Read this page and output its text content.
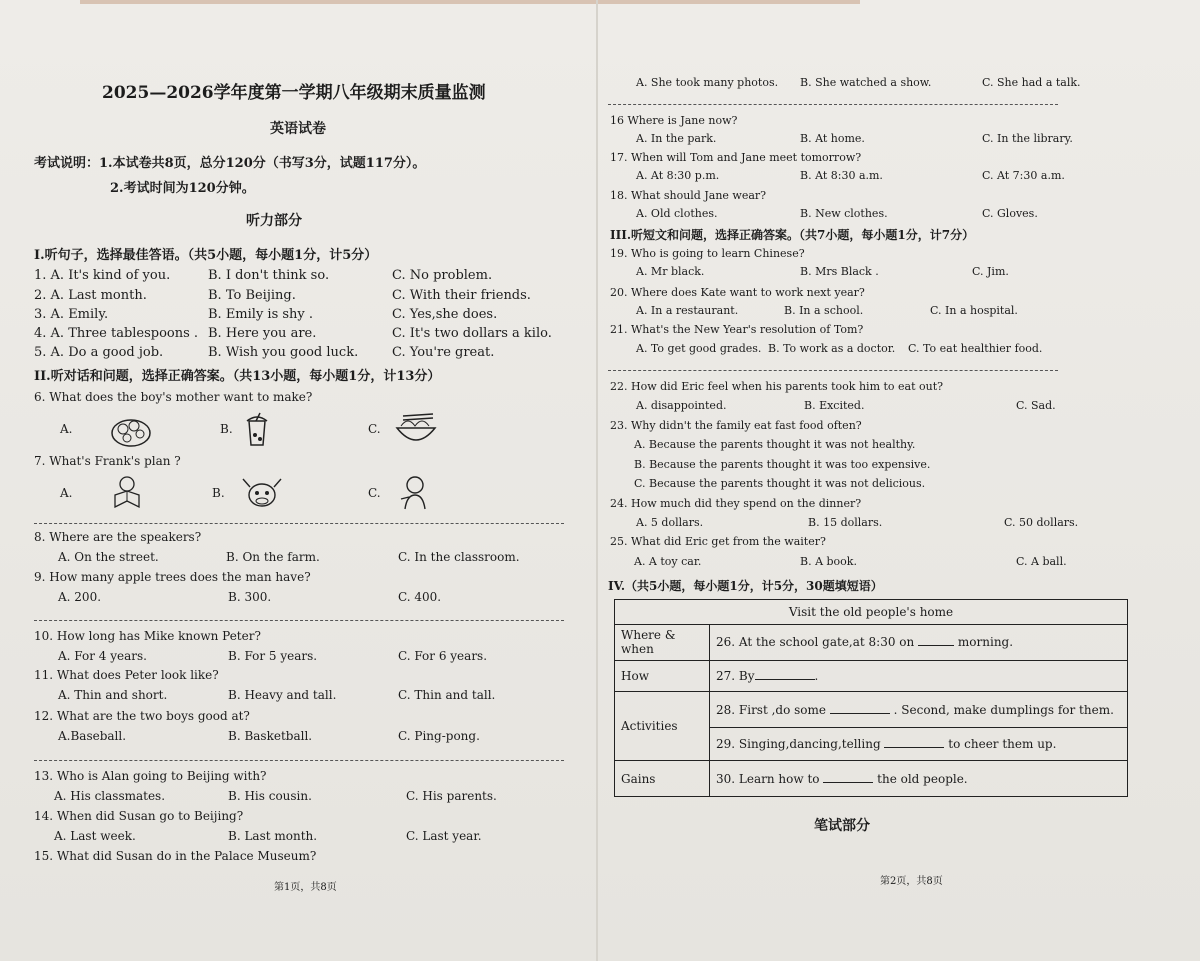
2025—2026学年度第一学期八年级期末质量监测
英语试卷
考试说明：1.本试卷共8页，总分120分（书写3分，试题117分）。
2.考试时间为120分钟。
听力部分
I.听句子，选择最佳答语。（共5小题，每小题1分，计5分）
1. A. It's kind of you.	B. I don't think so.	C. No problem.
2. A. Last month.	B. To Beijing.	C. With their friends.
3. A. Emily.	B. Emily is shy .	C. Yes,she does.
4. A. Three tablespoons . B. Here you are.	C. It's two dollars a kilo.
5. A. Do a good job.	B. Wish you good luck.	C. You're great.
II.听对话和问题，选择正确答案。（共13小题，每小题1分，计13分）
6. What does the boy's mother want to make?
A.	B.	C.
7. What's Frank's plan ?
A.	B.	C.
8. Where are the speakers?
A. On the street.	B. On the farm.	C. In the classroom.
9. How many apple trees does the man have?
A. 200.	B. 300.	C. 400.
10. How long has Mike known Peter?
A. For 4 years.	B. For 5 years.	C. For 6 years.
11. What does Peter look like?
A. Thin and short.	B. Heavy and tall.	C. Thin and tall.
12. What are the two boys good at?
A.Baseball.	B. Basketball.	C. Ping-pong.
13. Who is Alan going to Beijing with?
A. His classmates.	B. His cousin.	C. His parents.
14. When did Susan go to Beijing?
A. Last week.	B. Last month.	C. Last year.
15. What did Susan do in the Palace Museum?
第1页，共8页
A. She took many photos. B. She watched a show.	C. She had a talk.
16 Where is Jane now?
A. In the park.	B. At home.	C. In the library.
17. When will Tom and Jane meet tomorrow?
A. At 8:30 p.m.	B. At 8:30 a.m.	C. At 7:30 a.m.
18. What should Jane wear?
A. Old clothes.	B. New clothes.	C. Gloves.
III.听短文和问题，选择正确答案。（共7小题，每小题1分，计7分）
19. Who is going to learn Chinese?
A. Mr black.	B. Mrs Black .	C. Jim.
20. Where does Kate want to work next year?
A. In a restaurant.	B. In a school.	C. In a hospital.
21. What's the New Year's resolution of Tom?
A. To get good grades. B. To work as a doctor. C. To eat healthier food.
22. How did Eric feel when his parents took him to eat out?
A. disappointed.	B. Excited.	C. Sad.
23. Why didn't the family eat fast food often?
A. Because the parents thought it was not healthy.
B. Because the parents thought it was too expensive.
C. Because the parents thought it was not delicious.
24. How much did they spend on the dinner?
A. 5 dollars.	B. 15 dollars.	C. 50 dollars.
25. What did Eric get from the waiter?
A. A toy car.	B. A book.	C. A ball.
IV.（共5小题，每小题1分，计5分，30题填短语）
Visit the old people's home	
Where & when	26. At the school gate,at 8:30 on morning.
How	27. By .
Activities	28. First ,do some . Second, make dumplings for them.
	29. Singing,dancing,telling to cheer them up.
Gains	30. Learn how to the old people.
笔试部分
第2页，共8页
